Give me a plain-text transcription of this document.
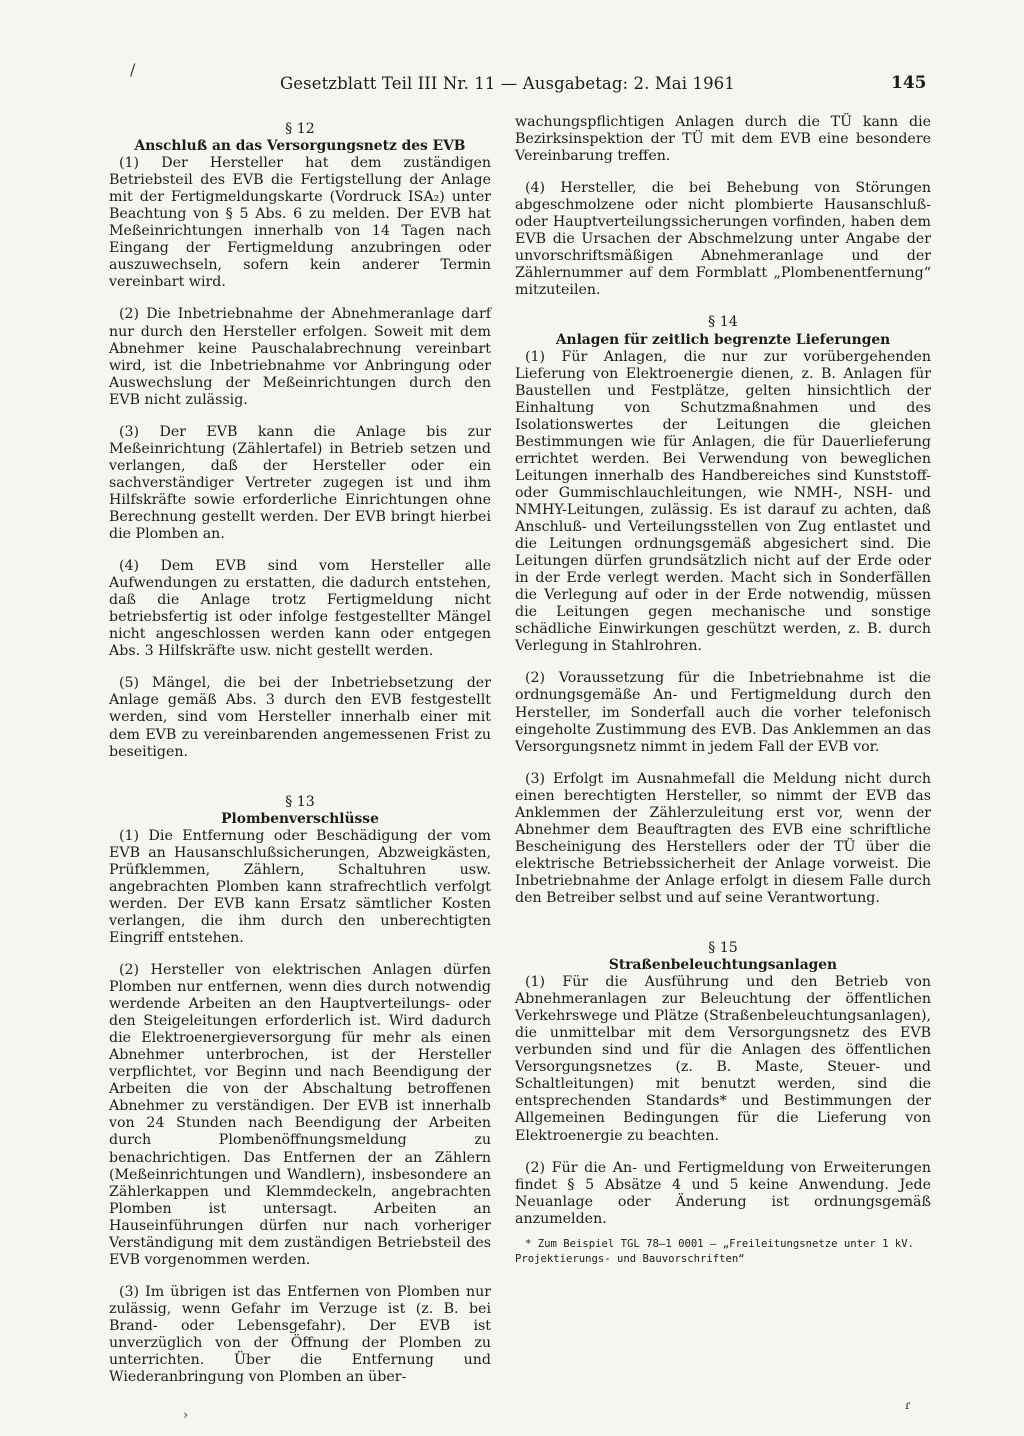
/
›
ɾ
Gesetzblatt Teil III Nr. 11 — Ausgabetag: 2. Mai 1961	145

§ 12

Anschluß an das Versorgungsnetz des EVB

(1) Der Hersteller hat dem zuständigen Betriebsteil des EVB die Fertigstellung der Anlage mit der Fertigmeldungskarte (Vordruck ISA₂) unter Beachtung von § 5 Abs. 6 zu melden. Der EVB hat Meßeinrichtungen innerhalb von 14 Tagen nach Eingang der Fertigmeldung anzubringen oder auszuwechseln, sofern kein anderer Termin vereinbart wird.

(2) Die Inbetriebnahme der Abnehmeranlage darf nur durch den Hersteller erfolgen. Soweit mit dem Abnehmer keine Pauschalabrechnung vereinbart wird, ist die Inbetriebnahme vor Anbringung oder Auswechslung der Meßeinrichtungen durch den EVB nicht zulässig.

(3) Der EVB kann die Anlage bis zur Meßeinrichtung (Zählertafel) in Betrieb setzen und verlangen, daß der Hersteller oder ein sachverständiger Vertreter zugegen ist und ihm Hilfskräfte sowie erforderliche Einrichtungen ohne Berechnung gestellt werden. Der EVB bringt hierbei die Plomben an.

(4) Dem EVB sind vom Hersteller alle Aufwendungen zu erstatten, die dadurch entstehen, daß die Anlage trotz Fertigmeldung nicht betriebsfertig ist oder infolge festgestellter Mängel nicht angeschlossen werden kann oder entgegen Abs. 3 Hilfskräfte usw. nicht gestellt werden.

(5) Mängel, die bei der Inbetriebsetzung der Anlage gemäß Abs. 3 durch den EVB festgestellt werden, sind vom Hersteller innerhalb einer mit dem EVB zu vereinbarenden angemessenen Frist zu beseitigen.

§ 13

Plombenverschlüsse

(1) Die Entfernung oder Beschädigung der vom EVB an Hausanschlußsicherungen, Abzweigkästen, Prüfklemmen, Zählern, Schaltuhren usw. angebrachten Plomben kann strafrechtlich verfolgt werden. Der EVB kann Ersatz sämtlicher Kosten verlangen, die ihm durch den unberechtigten Eingriff entstehen.

(2) Hersteller von elektrischen Anlagen dürfen Plomben nur entfernen, wenn dies durch notwendig werdende Arbeiten an den Hauptverteilungs- oder den Steigeleitungen erforderlich ist. Wird dadurch die Elektroenergieversorgung für mehr als einen Abnehmer unterbrochen, ist der Hersteller verpflichtet, vor Beginn und nach Beendigung der Arbeiten die von der Abschaltung betroffenen Abnehmer zu verständigen. Der EVB ist innerhalb von 24 Stunden nach Beendigung der Arbeiten durch Plombenöffnungsmeldung zu benachrichtigen. Das Entfernen der an Zählern (Meßeinrichtungen und Wandlern), insbesondere an Zählerkappen und Klemmdeckeln, angebrachten Plomben ist untersagt. Arbeiten an Hauseinführungen dürfen nur nach vorheriger Verständigung mit dem zuständigen Betriebsteil des EVB vorgenommen werden.

(3) Im übrigen ist das Entfernen von Plomben nur zulässig, wenn Gefahr im Verzuge ist (z. B. bei Brand- oder Lebensgefahr). Der EVB ist unverzüglich von der Öffnung der Plomben zu unterrichten. Über die Entfernung und Wiederanbringung von Plomben an über-

wachungspflichtigen Anlagen durch die TÜ kann die Bezirksinspektion der TÜ mit dem EVB eine besondere Vereinbarung treffen.

(4) Hersteller, die bei Behebung von Störungen abgeschmolzene oder nicht plombierte Hausanschluß- oder Hauptverteilungssicherungen vorfinden, haben dem EVB die Ursachen der Abschmelzung unter Angabe der unvorschriftsmäßigen Abnehmeranlage und der Zählernummer auf dem Formblatt „Plombenentfernung“ mitzuteilen.

§ 14

Anlagen für zeitlich begrenzte Lieferungen

(1) Für Anlagen, die nur zur vorübergehenden Lieferung von Elektroenergie dienen, z. B. Anlagen für Baustellen und Festplätze, gelten hinsichtlich der Einhaltung von Schutzmaßnahmen und des Isolationswertes der Leitungen die gleichen Bestimmungen wie für Anlagen, die für Dauerlieferung errichtet werden. Bei Verwendung von beweglichen Leitungen innerhalb des Handbereiches sind Kunststoff- oder Gummischlauchleitungen, wie NMH-, NSH- und NMHY-Leitungen, zulässig. Es ist darauf zu achten, daß Anschluß- und Verteilungsstellen von Zug entlastet und die Leitungen ordnungsgemäß abgesichert sind. Die Leitungen dürfen grundsätzlich nicht auf der Erde oder in der Erde verlegt werden. Macht sich in Sonderfällen die Verlegung auf oder in der Erde notwendig, müssen die Leitungen gegen mechanische und sonstige schädliche Einwirkungen geschützt werden, z. B. durch Verlegung in Stahlrohren.

(2) Voraussetzung für die Inbetriebnahme ist die ordnungsgemäße An- und Fertigmeldung durch den Hersteller, im Sonderfall auch die vorher telefonisch eingeholte Zustimmung des EVB. Das Anklemmen an das Versorgungsnetz nimmt in jedem Fall der EVB vor.

(3) Erfolgt im Ausnahmefall die Meldung nicht durch einen berechtigten Hersteller, so nimmt der EVB das Anklemmen der Zählerzuleitung erst vor, wenn der Abnehmer dem Beauftragten des EVB eine schriftliche Bescheinigung des Herstellers oder der TÜ über die elektrische Betriebssicherheit der Anlage vorweist. Die Inbetriebnahme der Anlage erfolgt in diesem Falle durch den Betreiber selbst und auf seine Verantwortung.

§ 15

Straßenbeleuchtungsanlagen

(1) Für die Ausführung und den Betrieb von Abnehmeranlagen zur Beleuchtung der öffentlichen Verkehrswege und Plätze (Straßenbeleuchtungsanlagen), die unmittelbar mit dem Versorgungsnetz des EVB verbunden sind und für die Anlagen des öffentlichen Versorgungsnetzes (z. B. Maste, Steuer- und Schaltleitungen) mit benutzt werden, sind die entsprechenden Standards* und Bestimmungen der Allgemeinen Bedingungen für die Lieferung von Elektroenergie zu beachten.

(2) Für die An- und Fertigmeldung von Erweiterungen findet § 5 Absätze 4 und 5 keine Anwendung. Jede Neuanlage oder Änderung ist ordnungsgemäß anzumelden.

* Zum Beispiel TGL 78—1 0001 — „Freileitungsnetze unter 1 kV.

Projektierungs- und Bauvorschriften“
